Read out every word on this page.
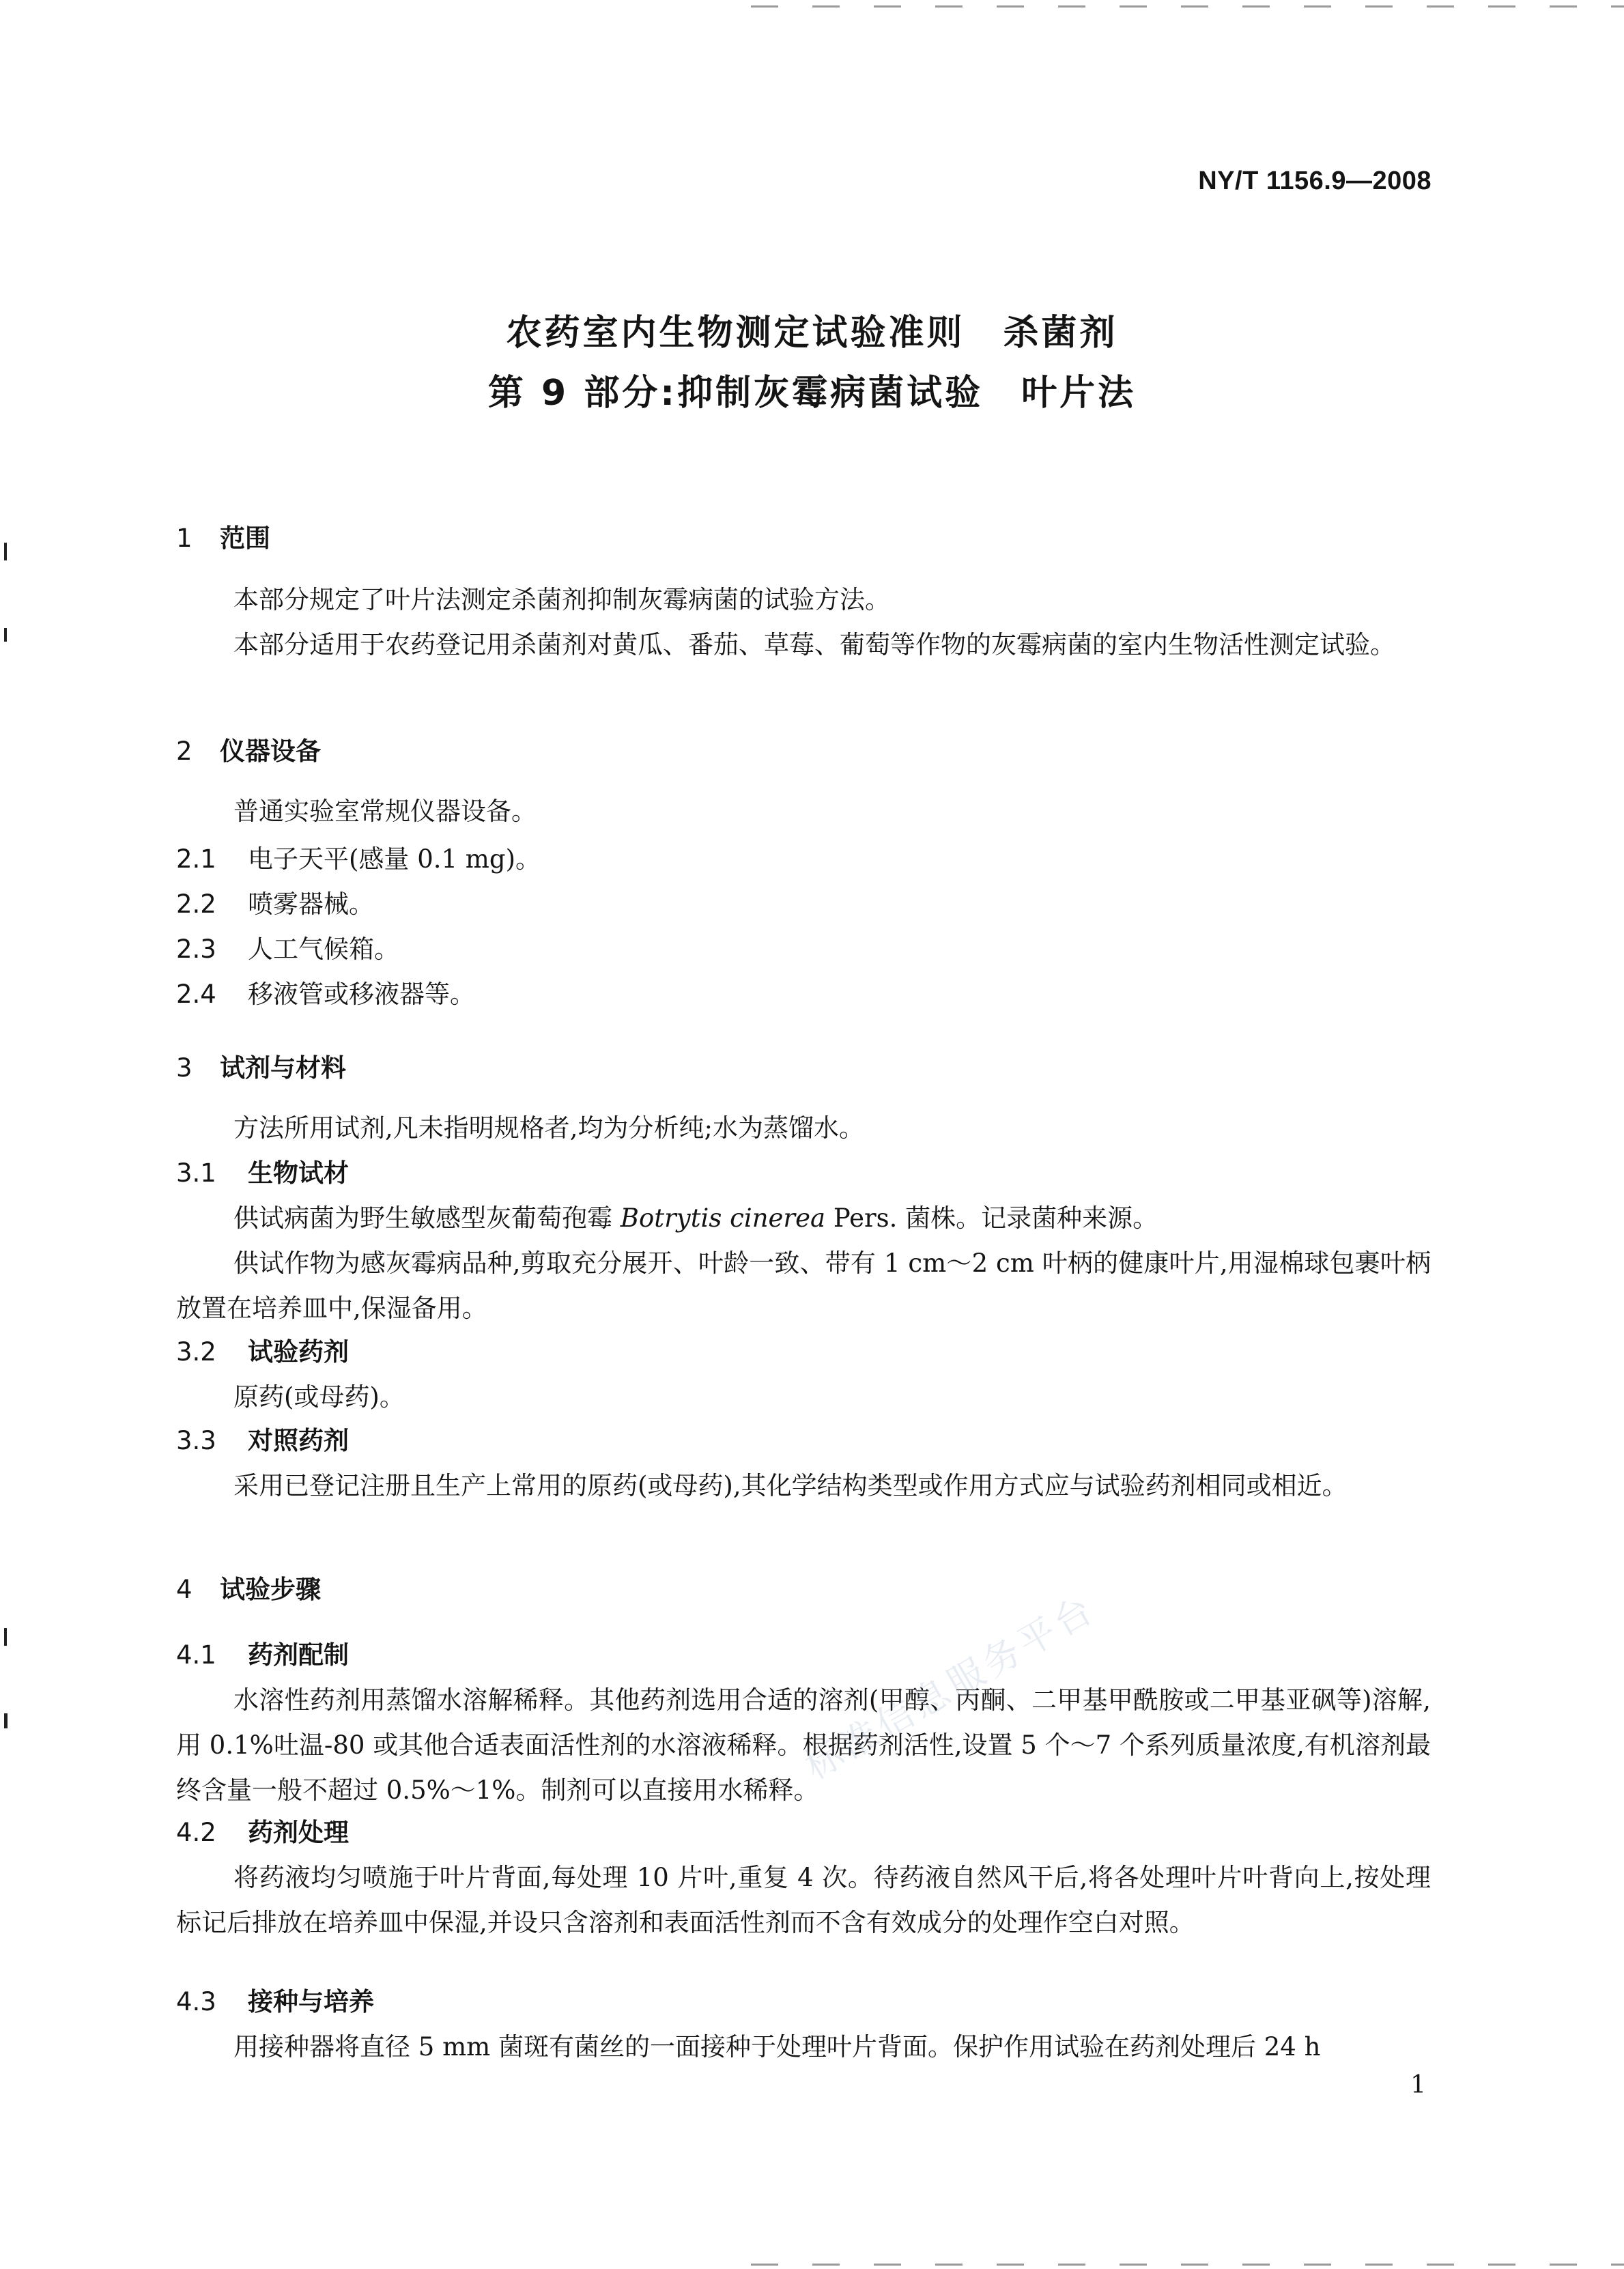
NY/T 1156.9—2008
农药室内生物测定试验准则 杀菌剂
第 9 部分:抑制灰霉病菌试验 叶片法
1 范围
本部分规定了叶片法测定杀菌剂抑制灰霉病菌的试验方法。
本部分适用于农药登记用杀菌剂对黄瓜、番茄、草莓、葡萄等作物的灰霉病菌的室内生物活性测定试验。
2 仪器设备
普通实验室常规仪器设备。
2.1 电子天平(感量 0.1 mg)。
2.2 喷雾器械。
2.3 人工气候箱。
2.4 移液管或移液器等。
3 试剂与材料
方法所用试剂,凡未指明规格者,均为分析纯;水为蒸馏水。
3.1 生物试材
供试病菌为野生敏感型灰葡萄孢霉 Botrytis cinerea Pers. 菌株。记录菌种来源。
供试作物为感灰霉病品种,剪取充分展开、叶龄一致、带有 1 cm～2 cm 叶柄的健康叶片,用湿棉球包裹叶柄放置在培养皿中,保湿备用。
3.2 试验药剂
原药(或母药)。
3.3 对照药剂
采用已登记注册且生产上常用的原药(或母药),其化学结构类型或作用方式应与试验药剂相同或相近。
4 试验步骤
4.1 药剂配制
水溶性药剂用蒸馏水溶解稀释。其他药剂选用合适的溶剂(甲醇、丙酮、二甲基甲酰胺或二甲基亚砜等)溶解,用 0.1%吐温-80 或其他合适表面活性剂的水溶液稀释。根据药剂活性,设置 5 个～7 个系列质量浓度,有机溶剂最终含量一般不超过 0.5%～1%。制剂可以直接用水稀释。
4.2 药剂处理
将药液均匀喷施于叶片背面,每处理 10 片叶,重复 4 次。待药液自然风干后,将各处理叶片叶背向上,按处理标记后排放在培养皿中保湿,并设只含溶剂和表面活性剂而不含有效成分的处理作空白对照。
4.3 接种与培养
用接种器将直径 5 mm 菌斑有菌丝的一面接种于处理叶片背面。保护作用试验在药剂处理后 24 h
标准信息服务平台
1
